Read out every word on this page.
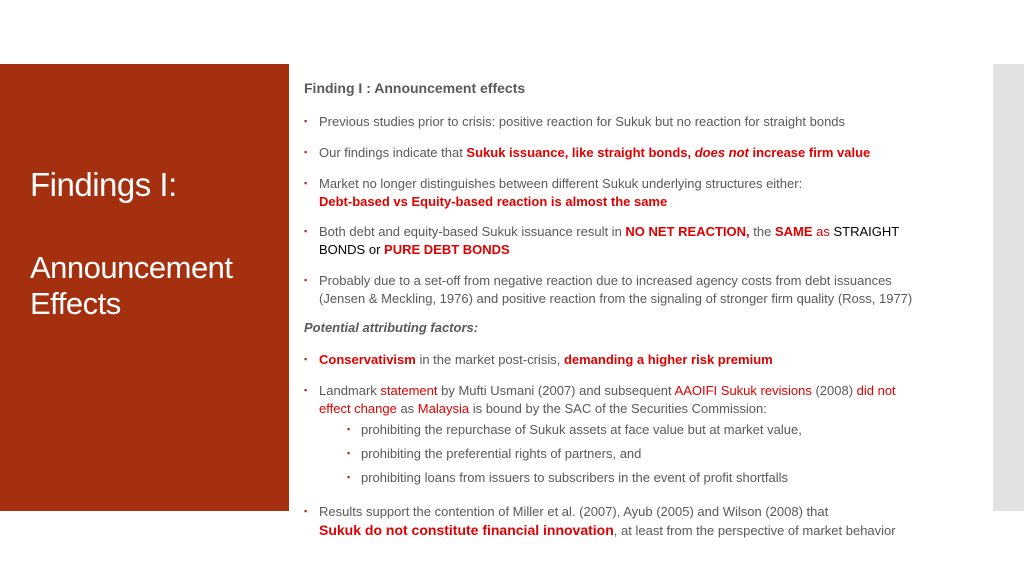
Findings I:
Announcement
Effects
Finding I : Announcement effects
▪ Previous studies prior to crisis: positive reaction for Sukuk but no reaction for straight bonds
▪ Our findings indicate that Sukuk issuance, like straight bonds, does not increase firm value
▪ Market no longer distinguishes between different Sukuk underlying structures either:
Debt-based vs Equity-based reaction is almost the same
▪ Both debt and equity-based Sukuk issuance result in NO NET REACTION, the SAME as STRAIGHT
BONDS or PURE DEBT BONDS
▪ Probably due to a set-off from negative reaction due to increased agency costs from debt issuances
(Jensen & Meckling, 1976) and positive reaction from the signaling of stronger firm quality (Ross, 1977)
Potential attributing factors:
▪ Conservativism in the market post-crisis, demanding a higher risk premium
▪ Landmark statement by Mufti Usmani (2007) and subsequent AAOIFI Sukuk revisions (2008) did not
effect change as Malaysia is bound by the SAC of the Securities Commission:
▪ prohibiting the repurchase of Sukuk assets at face value but at market value,
▪ prohibiting the preferential rights of partners, and
▪ prohibiting loans from issuers to subscribers in the event of profit shortfalls
▪ Results support the contention of Miller et al. (2007), Ayub (2005) and Wilson (2008) that
Sukuk do not constitute financial innovation, at least from the perspective of market behavior
